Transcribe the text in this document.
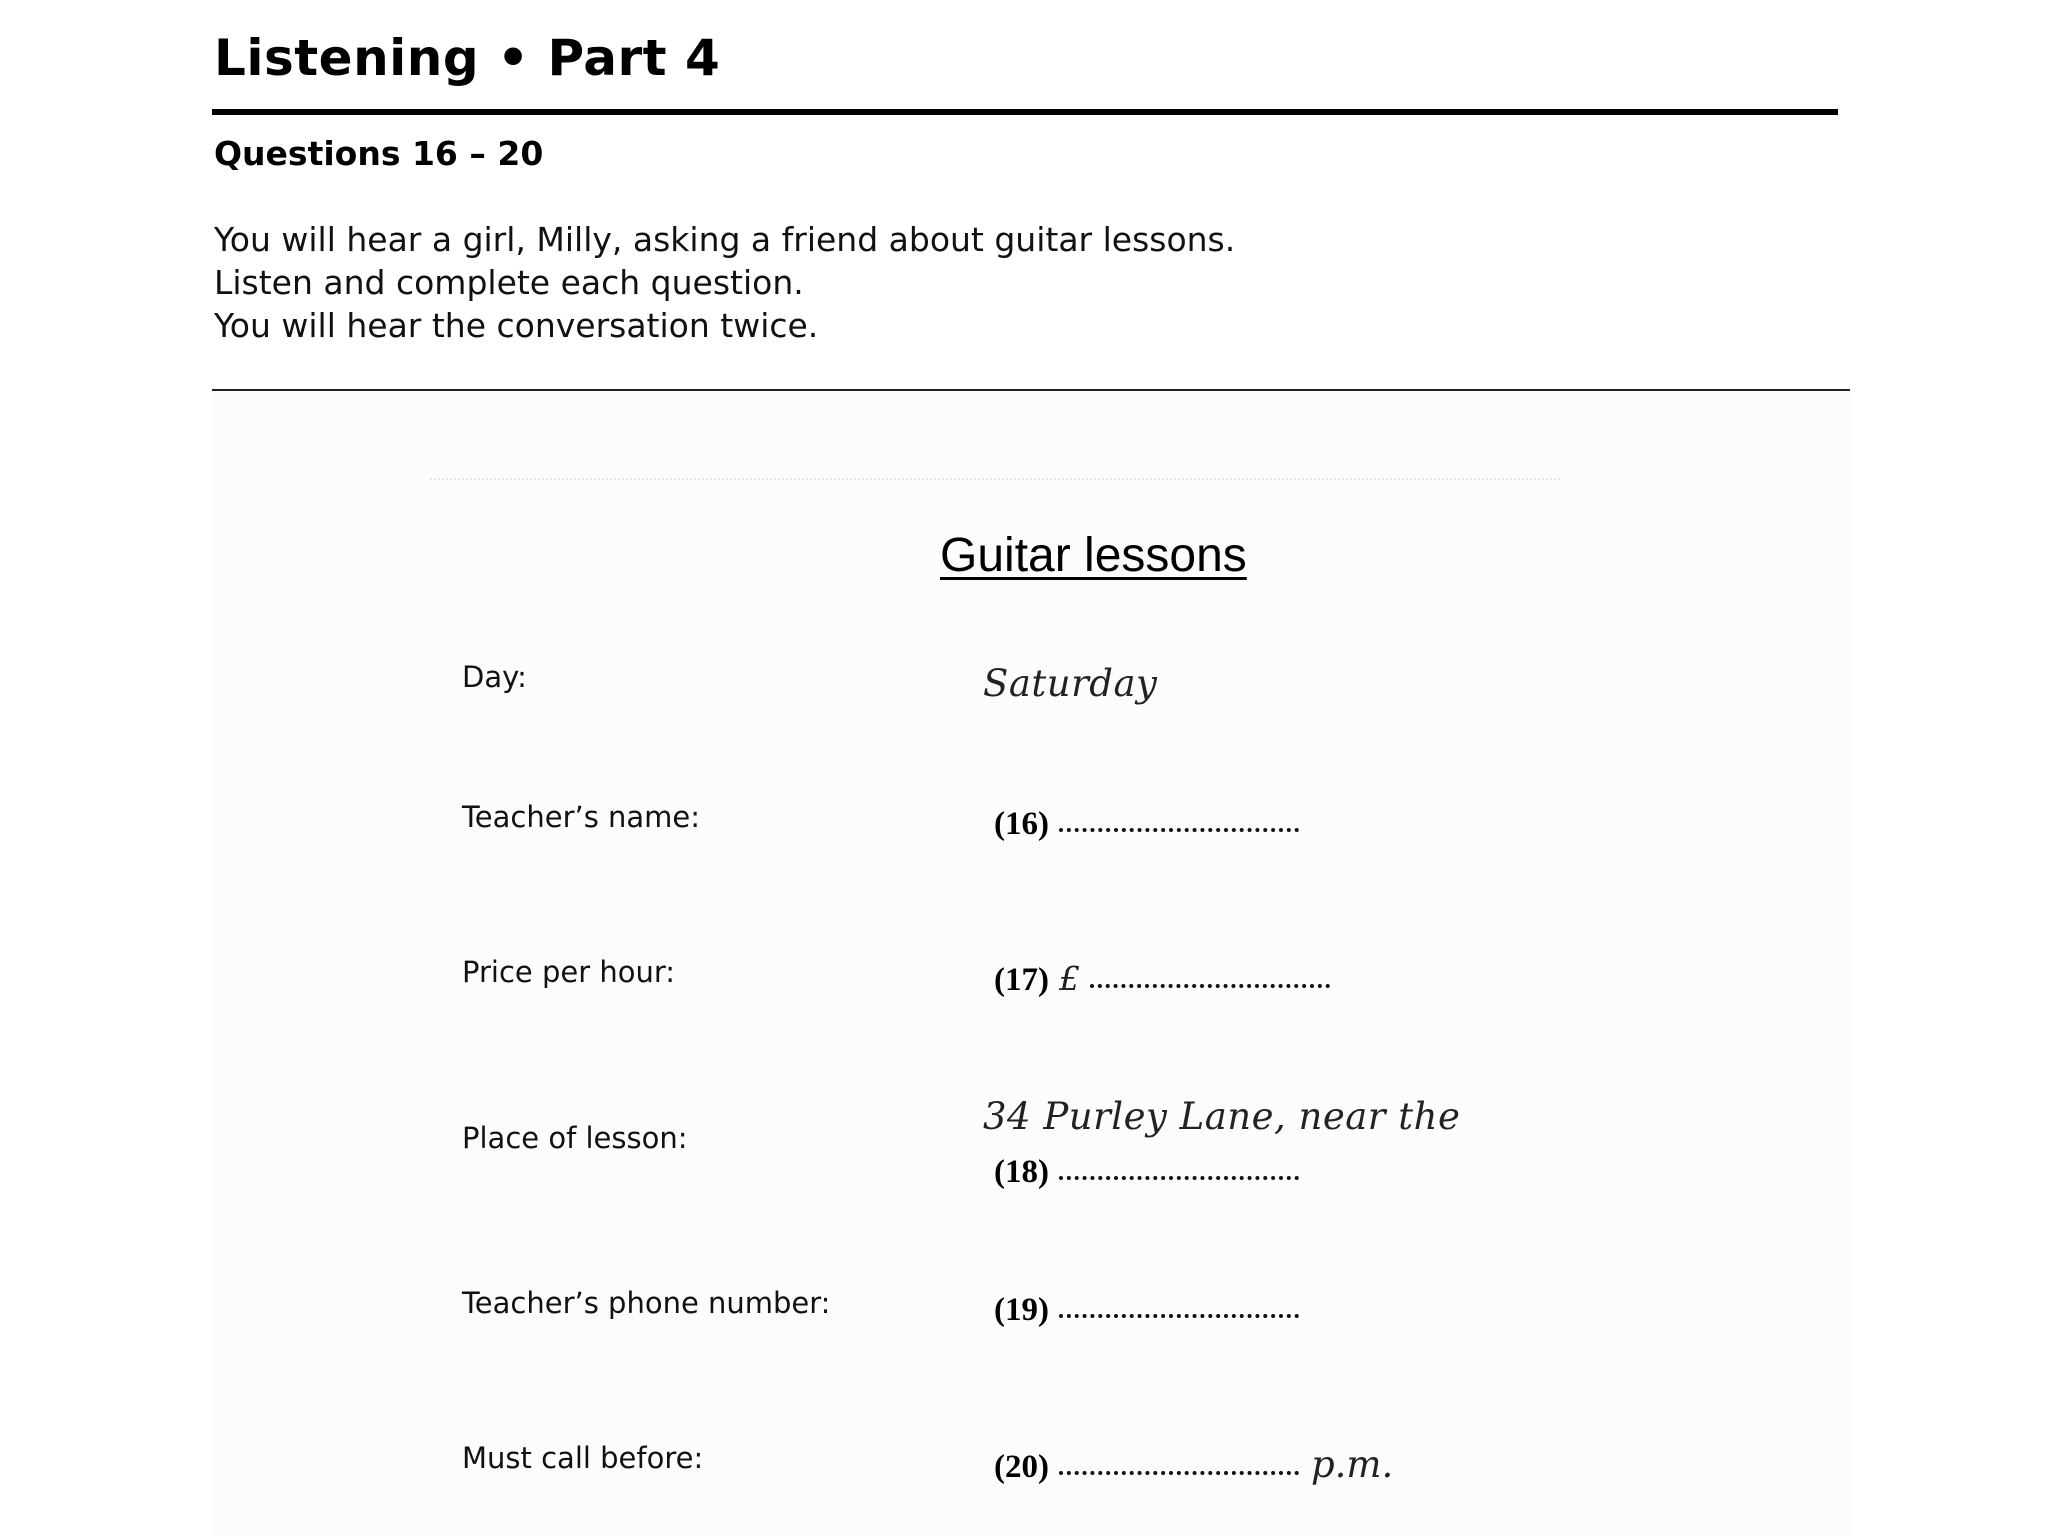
Listening • Part 4
Questions 16 – 20
You will hear a girl, Milly, asking a friend about guitar lessons.
Listen and complete each question.
You will hear the conversation twice.
Guitar lessons
Day:	Saturday
Teacher’s name:	(16)
Price per hour:	(17) £
Place of lesson:	34 Purley Lane, near the
(18)
Teacher’s phone number:	(19)
Must call before:	(20)	p.m.
